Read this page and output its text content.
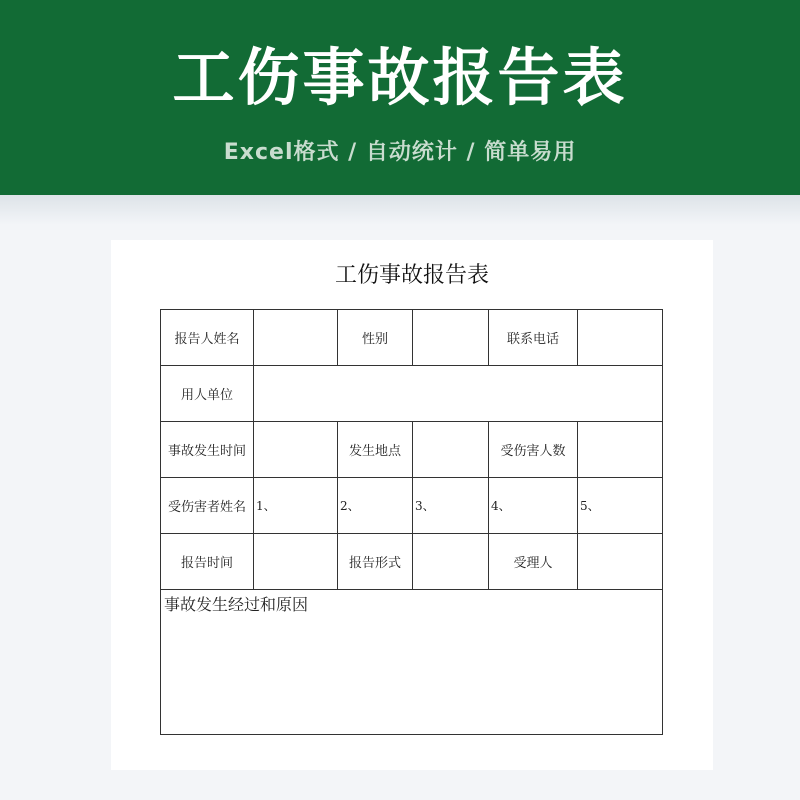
工伤事故报告表
Excel格式 / 自动统计 / 简单易用
工伤事故报告表
报告人姓名		性别		联系电话	
用人单位					
事故发生时间		发生地点		受伤害人数	
受伤害者姓名	1、	2、	3、	4、	5、
报告时间		报告形式		受理人	
事故发生经过和原因					
